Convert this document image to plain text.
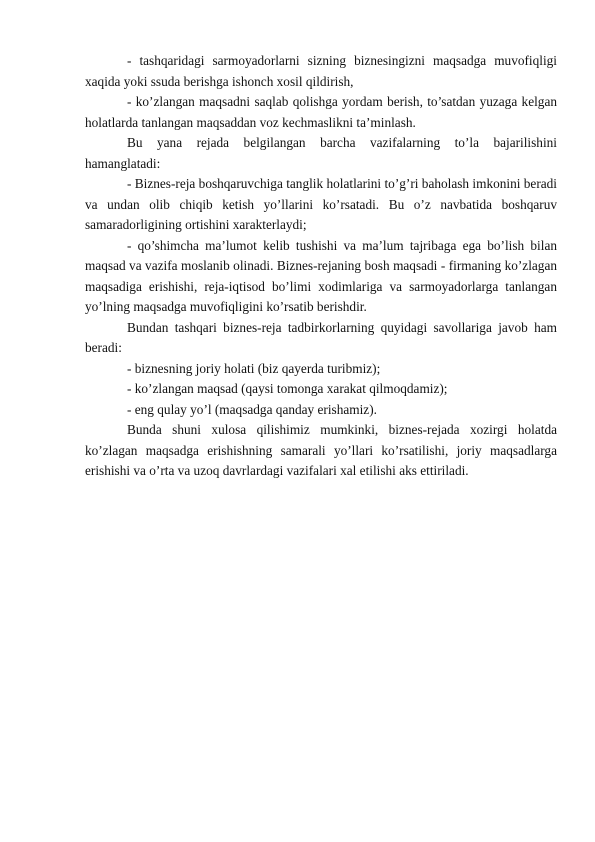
- tashqaridagi sarmoyadorlarni sizning biznesingizni maqsadga muvofiqligi xaqida yoki ssuda berishga ishonch xosil qildirish,

- ko’zlangan maqsadni saqlab qolishga yordam berish, to’satdan yuzaga kelgan holatlarda tanlangan maqsaddan voz kechmaslikni ta’minlash.

Bu yana rejada belgilangan barcha vazifalarning to’la bajarilishini hamanglatadi:

- Biznes-reja boshqaruvchiga tanglik holatlarini to’g’ri baholash imkonini beradi va undan olib chiqib ketish yo’llarini ko’rsatadi. Bu o’z navbatida boshqaruv samaradorligining ortishini xarakterlaydi;

- qo’shimcha ma’lumot kelib tushishi va ma’lum tajribaga ega bo’lish bilan maqsad va vazifa moslanib olinadi. Biznes-rejaning bosh maqsadi - firmaning ko’zlagan maqsadiga erishishi, reja-iqtisod bo’limi xodimlariga va sarmoyadorlarga tanlangan yo’lning maqsadga muvofiqligini ko’rsatib berishdir.

Bundan tashqari biznes-reja tadbirkorlarning quyidagi savollariga javob ham beradi:

- biznesning joriy holati (biz qayerda turibmiz);

- ko’zlangan maqsad (qaysi tomonga xarakat qilmoqdamiz);

- eng qulay yo’l (maqsadga qanday erishamiz).

Bunda shuni xulosa qilishimiz mumkinki, biznes-rejada xozirgi holatda ko’zlagan maqsadga erishishning samarali yo’llari ko’rsatilishi, joriy maqsadlarga erishishi va o’rta va uzoq davrlardagi vazifalari xal etilishi aks ettiriladi.
